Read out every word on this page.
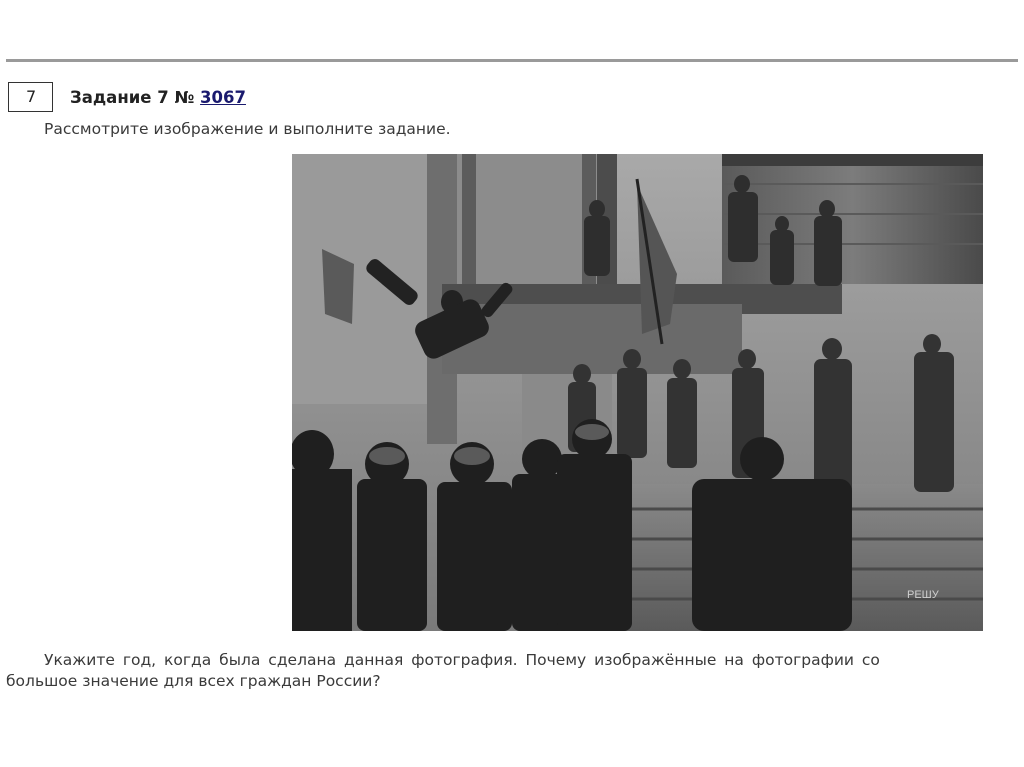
7	Задание 7 № 3067
Рассмотрите изображение и выполните задание.
РЕШУ
Укажите год, когда была сделана данная фотография. Почему изображённые на фотографии со
большое значение для всех граждан России?
